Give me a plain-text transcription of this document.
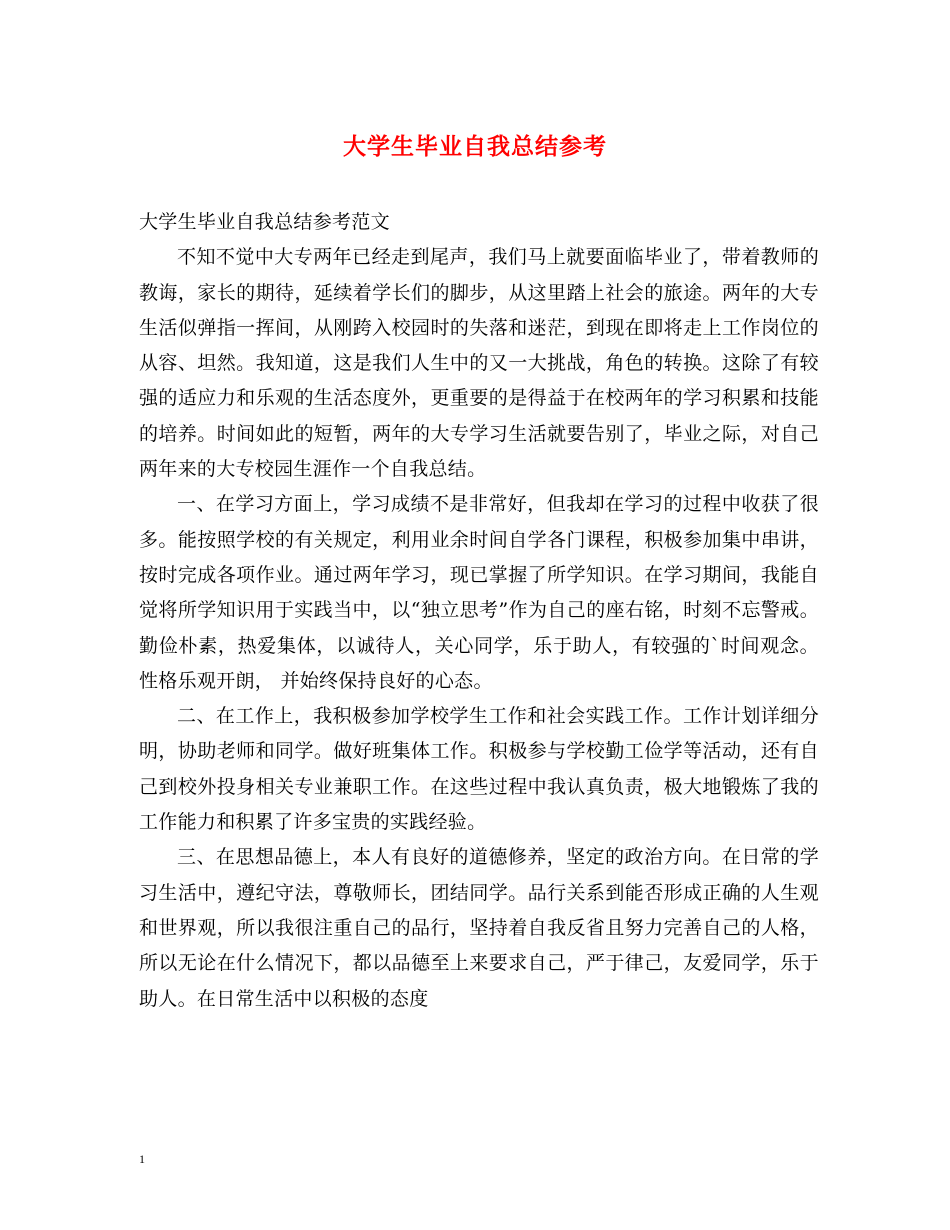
大学生毕业自我总结参考

大学生毕业自我总结参考范文

不知不觉中大专两年已经走到尾声，我们马上就要面临毕业了，带着教师的教诲，家长的期待，延续着学长们的脚步，从这里踏上社会的旅途。两年的大专生活似弹指一挥间，从刚跨入校园时的失落和迷茫，到现在即将走上工作岗位的从容、坦然。我知道，这是我们人生中的又一大挑战，角色的转换。这除了有较强的适应力和乐观的生活态度外，更重要的是得益于在校两年的学习积累和技能的培养。时间如此的短暂，两年的大专学习生活就要告别了，毕业之际，对自己两年来的大专校园生涯作一个自我总结。

一、在学习方面上，学习成绩不是非常好，但我却在学习的过程中收获了很多。能按照学校的有关规定，利用业余时间自学各门课程，积极参加集中串讲，按时完成各项作业。通过两年学习，现已掌握了所学知识。在学习期间，我能自觉将所学知识用于实践当中，以“独立思考”作为自己的座右铭，时刻不忘警戒。勤俭朴素，热爱集体，以诚待人，关心同学，乐于助人，有较强的`时间观念。性格乐观开朗， 并始终保持良好的心态。

二、在工作上，我积极参加学校学生工作和社会实践工作。工作计划详细分明，协助老师和同学。做好班集体工作。积极参与学校勤工俭学等活动，还有自己到校外投身相关专业兼职工作。在这些过程中我认真负责，极大地锻炼了我的工作能力和积累了许多宝贵的实践经验。

三、在思想品德上，本人有良好的道德修养，坚定的政治方向。在日常的学习生活中，遵纪守法，尊敬师长，团结同学。品行关系到能否形成正确的人生观和世界观，所以我很注重自己的品行，坚持着自我反省且努力完善自己的人格，所以无论在什么情况下，都以品德至上来要求自己，严于律己，友爱同学，乐于助人。在日常生活中以积极的态度

1
